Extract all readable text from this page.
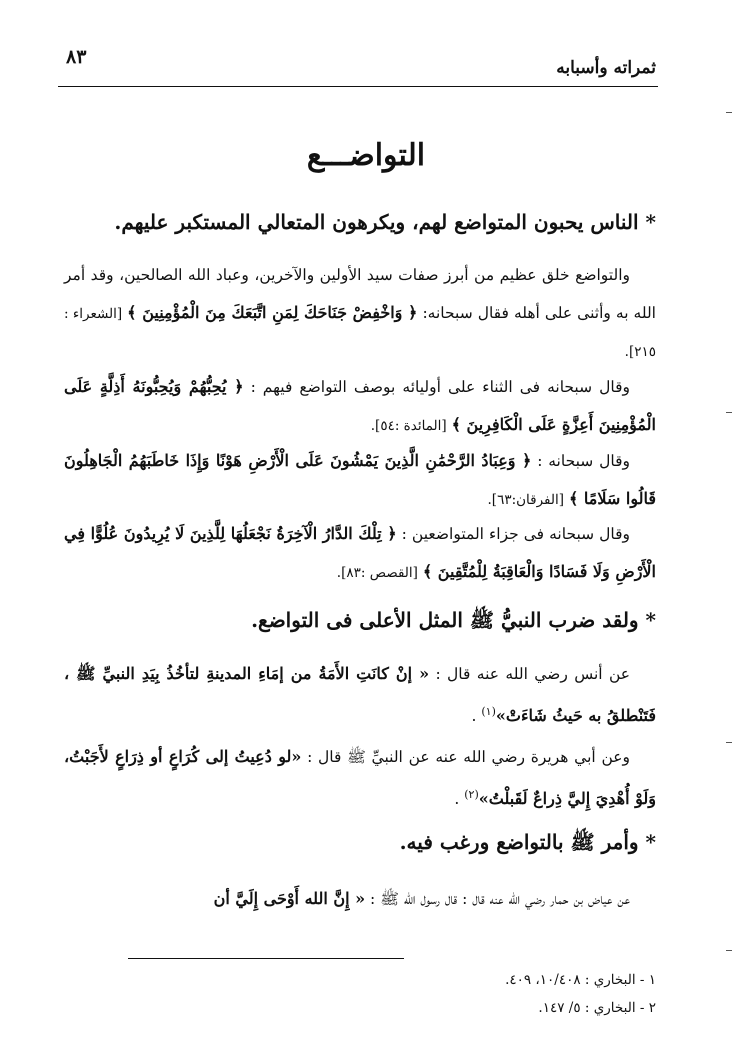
ثمراته وأسبابه
٨٣
التواضـــع
* الناس يحبون المتواضع لهم، ويكرهون المتعالي المستكبر عليهم.
والتواضع خلق عظيم من أبرز صفات سيد الأولين والآخرين، وعباد الله الصالحين، وقد أمر الله به وأثنى على أهله فقال سبحانه: ﴿ وَاخْفِضْ جَنَاحَكَ لِمَنِ اتَّبَعَكَ مِنَ الْمُؤْمِنِينَ ﴾ [الشعراء : ٢١٥].
وقال سبحانه فى الثناء على أوليائه بوصف التواضع فيهم : ﴿ يُحِبُّهُمْ وَيُحِبُّونَهُ أَذِلَّةٍ عَلَى الْمُؤْمِنِينَ أَعِزَّةٍ عَلَى الْكَافِرِينَ ﴾ [المائدة :٥٤].
وقال سبحانه : ﴿ وَعِبَادُ الرَّحْمَٰنِ الَّذِينَ يَمْشُونَ عَلَى الْأَرْضِ هَوْنًا وَإِذَا خَاطَبَهُمُ الْجَاهِلُونَ قَالُوا سَلَامًا ﴾ [الفرقان:٦٣].
وقال سبحانه فى جزاء المتواضعين : ﴿ تِلْكَ الدَّارُ الْآخِرَةُ نَجْعَلُهَا لِلَّذِينَ لَا يُرِيدُونَ عُلُوًّا فِي الْأَرْضِ وَلَا فَسَادًا وَالْعَاقِبَةُ لِلْمُتَّقِينَ ﴾ [القصص :٨٣].
* ولقد ضرب النبيُّ ﷺ المثل الأعلى فى التواضع.
عن أنس رضي الله عنه قال : « إنْ كانَتِ الأَمَةُ من إمَاءِ المدينةِ لتأخُذُ بِيَدِ النبيِّ ﷺ ، فَتَنْطلقُ به حَيثُ شَاءَتْ»$^{(١)}$ .
وعن أبي هريرة رضي الله عنه عن النبيِّ ﷺ قال : «لو دُعِيتُ إلى كُرَاعٍ أو ذِرَاعٍ لأَجَبْتُ، وَلَوْ أُهْدِيَ إِليَّ ذِراعٌ لَقَبلْتُ»$^{(٢)}$ .
* وأمر ﷺ بالتواضع ورغب فيه.
عن عياض بن حمار رضي الله عنه قال : قال رسول الله ﷺ : « إِنَّ الله أَوْحَى إِلَيَّ أن
١ - البخاري : ١٠/٤٠٨، ٤٠٩.
٢ - البخاري : ٥/ ١٤٧.
